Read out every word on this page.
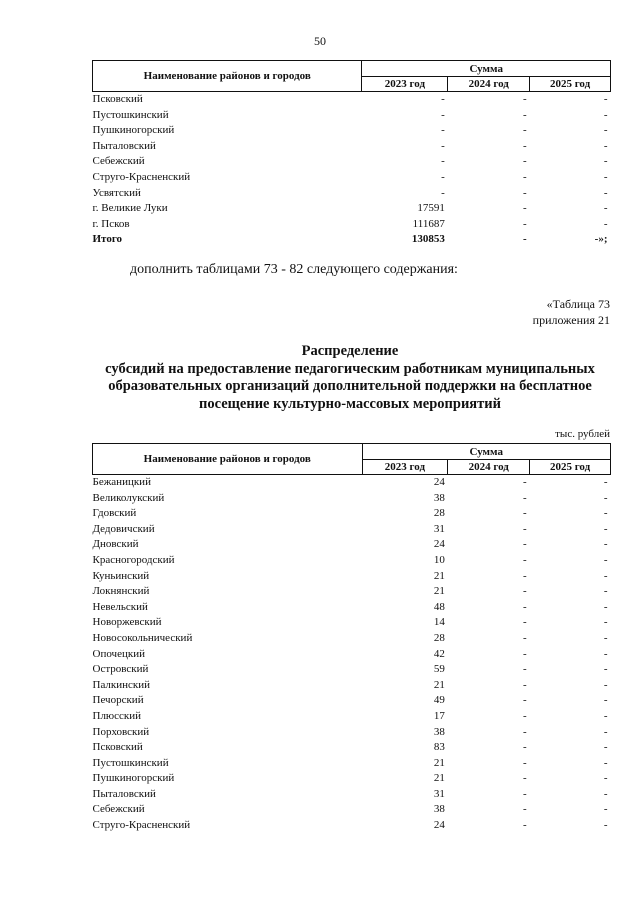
50
Наименование районов и городов	Сумма		
	2023 год	2024 год	2025 год
Псковский	-	-	-
Пустошкинский	-	-	-
Пушкиногорский	-	-	-
Пыталовский	-	-	-
Себежский	-	-	-
Струго-Красненский	-	-	-
Усвятский	-	-	-
г. Великие Луки	17591	-	-
г. Псков	111687	-	-
Итого	130853	-	-»;
дополнить таблицами 73 - 82 следующего содержания:
«Таблица 73
приложения 21
Распределение
субсидий на предоставление педагогическим работникам муниципальных
образовательных организаций дополнительной поддержки на бесплатное
посещение культурно-массовых мероприятий
тыс. рублей
Наименование районов и городов	Сумма		
	2023 год	2024 год	2025 год
Бежаницкий	24	-	-
Великолукский	38	-	-
Гдовский	28	-	-
Дедовичский	31	-	-
Дновский	24	-	-
Красногородский	10	-	-
Куньинский	21	-	-
Локнянский	21	-	-
Невельский	48	-	-
Новоржевский	14	-	-
Новосокольнический	28	-	-
Опочецкий	42	-	-
Островский	59	-	-
Палкинский	21	-	-
Печорский	49	-	-
Плюсский	17	-	-
Порховский	38	-	-
Псковский	83	-	-
Пустошкинский	21	-	-
Пушкиногорский	21	-	-
Пыталовский	31	-	-
Себежский	38	-	-
Струго-Красненский	24	-	-
